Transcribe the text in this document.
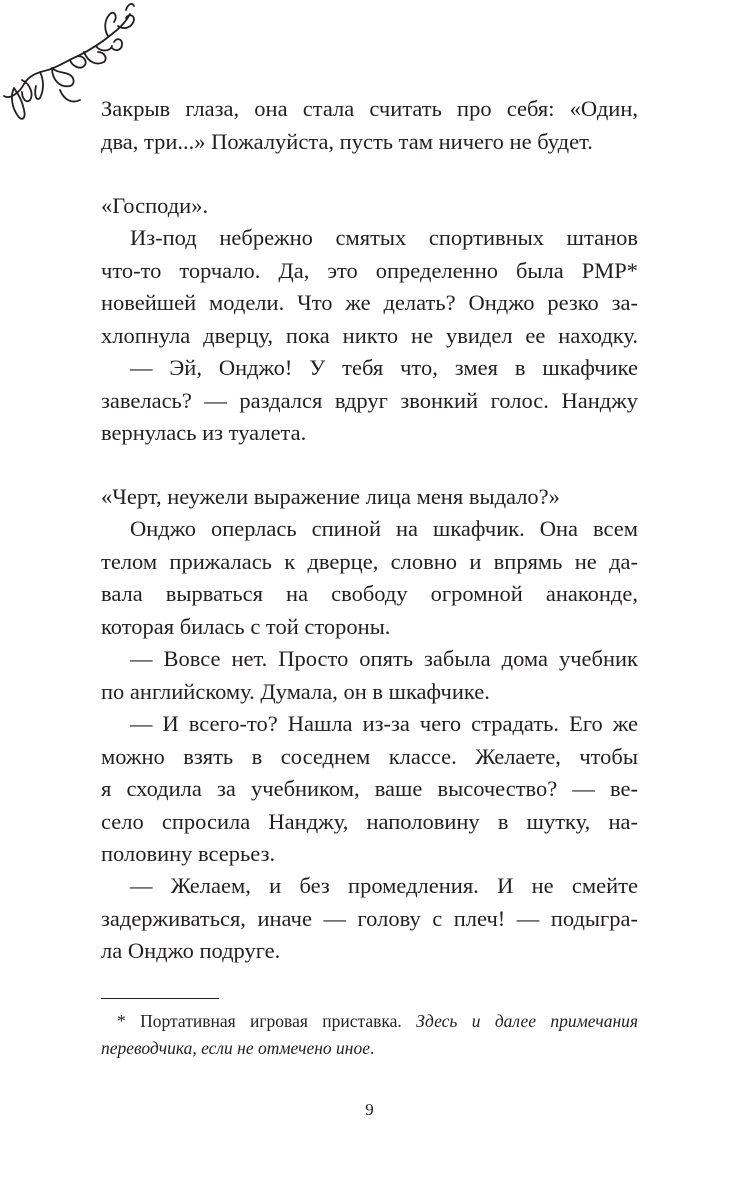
Закрыв глаза, она стала считать про себя: «Один,
два, три...» Пожалуйста, пусть там ничего не будет.
«Господи».
Из-под небрежно смятых спортивных штанов
что-то торчало. Да, это определенно была PMP*
новейшей модели. Что же делать? Онджо резко за-
хлопнула дверцу, пока никто не увидел ее находку.
— Эй, Онджо! У тебя что, змея в шкафчике
завелась? — раздался вдруг звонкий голос. Нанджу
вернулась из туалета.
«Черт, неужели выражение лица меня выдало?»
Онджо оперлась спиной на шкафчик. Она всем
телом прижалась к дверце, словно и впрямь не да-
вала вырваться на свободу огромной анаконде,
которая билась с той стороны.
— Вовсе нет. Просто опять забыла дома учебник
по английскому. Думала, он в шкафчике.
— И всего-то? Нашла из-за чего страдать. Его же
можно взять в соседнем классе. Желаете, чтобы
я сходила за учебником, ваше высочество? — ве-
село спросила Нанджу, наполовину в шутку, на-
половину всерьез.
— Желаем, и без промедления. И не смейте
задерживаться, иначе — голову с плеч! — подыгра-
ла Онджо подруге.
* Портативная игровая приставка. Здесь и далее примечания
переводчика, если не отмечено иное.
9
